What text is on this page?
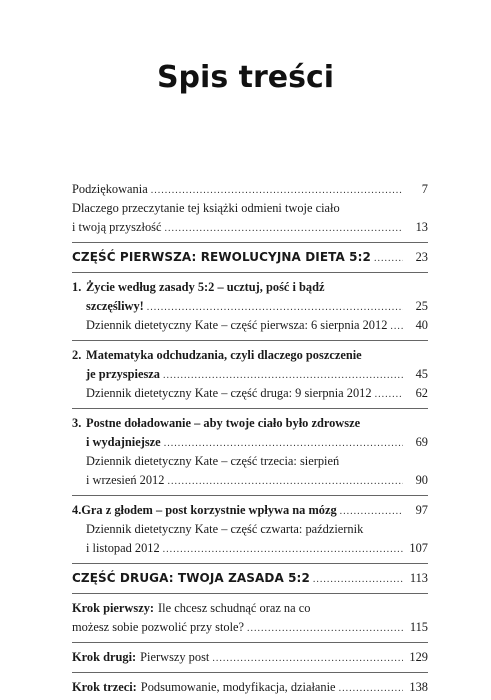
Spis treści
Podziękowania .....	7
Dlaczego przeczytanie tej książki odmieni twoje ciało
i twoją przyszłość .....	13
CZĘŚĆ PIERWSZA: REWOLUCYJNA DIETA 5:2 .....	23
1. Życie według zasady 5:2 – ucztuj, pość i bądź
szczęśliwy! .....	25
Dziennik dietetyczny Kate – część pierwsza: 6 sierpnia 2012 .....	40
2. Matematyka odchudzania, czyli dlaczego poszczenie
je przyspiesza .....	45
Dziennik dietetyczny Kate – część druga: 9 sierpnia 2012 .....	62
3. Postne doładowanie – aby twoje ciało było zdrowsze
i wydajniejsze .....	69
Dziennik dietetyczny Kate – część trzecia: sierpień
i wrzesień 2012 .....	90
4. Gra z głodem – post korzystnie wpływa na mózg .....	97
Dziennik dietetyczny Kate – część czwarta: październik
i listopad 2012 .....	107
CZĘŚĆ DRUGA: TWOJA ZASADA 5:2 .....	113
Krok pierwszy: Ile chcesz schudnąć oraz na co
możesz sobie pozwolić przy stole? .....	115
Krok drugi: Pierwszy post .....	129
Krok trzeci: Podsumowanie, modyfikacja, działanie .....	138
